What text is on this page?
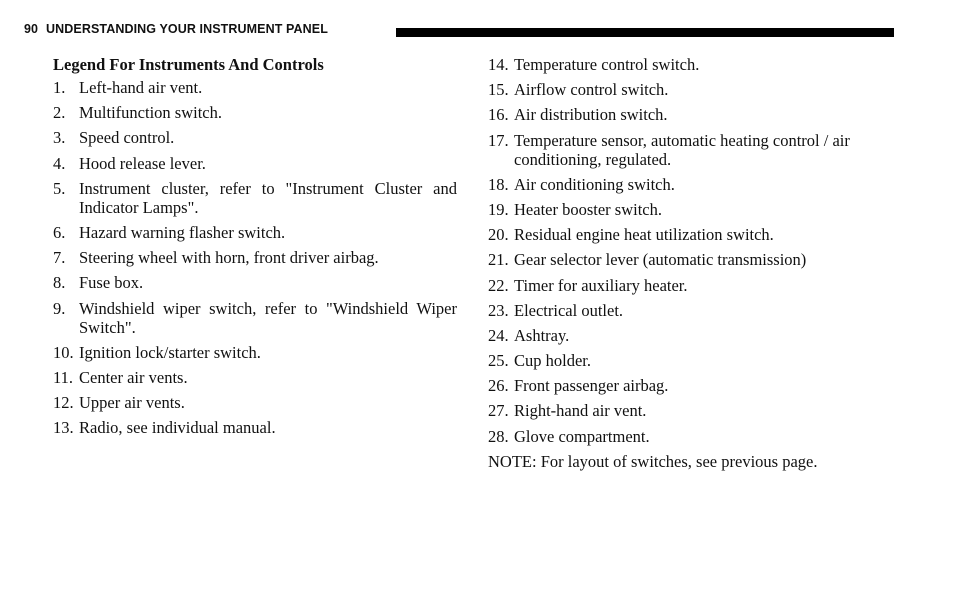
90 UNDERSTANDING YOUR INSTRUMENT PANEL
Legend For Instruments And Controls
1. Left-hand air vent.
2. Multifunction switch.
3. Speed control.
4. Hood release lever.
5. Instrument cluster, refer to "Instrument Cluster and Indicator Lamps".
6. Hazard warning flasher switch.
7. Steering wheel with horn, front driver airbag.
8. Fuse box.
9. Windshield wiper switch, refer to "Windshield Wiper Switch".
10. Ignition lock/starter switch.
11. Center air vents.
12. Upper air vents.
13. Radio, see individual manual.
14. Temperature control switch.
15. Airflow control switch.
16. Air distribution switch.
17. Temperature sensor, automatic heating control / air conditioning, regulated.
18. Air conditioning switch.
19. Heater booster switch.
20. Residual engine heat utilization switch.
21. Gear selector lever (automatic transmission)
22. Timer for auxiliary heater.
23. Electrical outlet.
24. Ashtray.
25. Cup holder.
26. Front passenger airbag.
27. Right-hand air vent.
28. Glove compartment.
NOTE: For layout of switches, see previous page.
